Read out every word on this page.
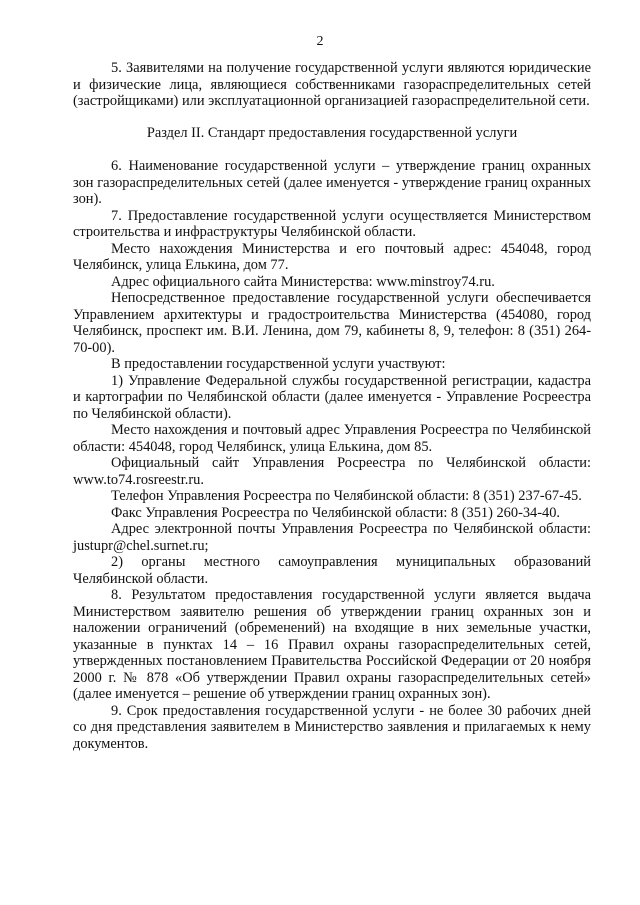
2

5. Заявителями на получение государственной услуги являются юридические и физические лица, являющиеся собственниками газораспределительных сетей (застройщиками) или эксплуатационной организацией газораспределительной сети.

Раздел II. Стандарт предоставления государственной услуги

6. Наименование государственной услуги – утверждение границ охранных зон газораспределительных сетей (далее именуется - утверждение границ охранных зон).

7. Предоставление государственной услуги осуществляется Министерством строительства и инфраструктуры Челябинской области.

Место нахождения Министерства и его почтовый адрес: 454048, город Челябинск, улица Елькина, дом 77.

Адрес официального сайта Министерства: www.minstroy74.ru.

Непосредственное предоставление государственной услуги обеспечивается Управлением архитектуры и градостроительства Министерства (454080, город Челябинск, проспект им. В.И. Ленина, дом 79, кабинеты 8, 9, телефон: 8 (351) 264-70-00).

В предоставлении государственной услуги участвуют:

1) Управление Федеральной службы государственной регистрации, кадастра и картографии по Челябинской области (далее именуется - Управление Росреестра по Челябинской области).

Место нахождения и почтовый адрес Управления Росреестра по Челябинской области: 454048, город Челябинск, улица Елькина, дом 85.

Официальный сайт Управления Росреестра по Челябинской области: www.to74.rosreestr.ru.

Телефон Управления Росреестра по Челябинской области: 8 (351) 237-67-45.

Факс Управления Росреестра по Челябинской области: 8 (351) 260-34-40.

Адрес электронной почты Управления Росреестра по Челябинской области: justupr@chel.surnet.ru;

2) органы местного самоуправления муниципальных образований Челябинской области.

8. Результатом предоставления государственной услуги является выдача Министерством заявителю решения об утверждении границ охранных зон и наложении ограничений (обременений) на входящие в них земельные участки, указанные в пунктах 14 – 16 Правил охраны газораспределительных сетей, утвержденных постановлением Правительства Российской Федерации от 20 ноября 2000 г. № 878 «Об утверждении Правил охраны газораспределительных сетей» (далее именуется – решение об утверждении границ охранных зон).

9. Срок предоставления государственной услуги - не более 30 рабочих дней со дня представления заявителем в Министерство заявления и прилагаемых к нему документов.
